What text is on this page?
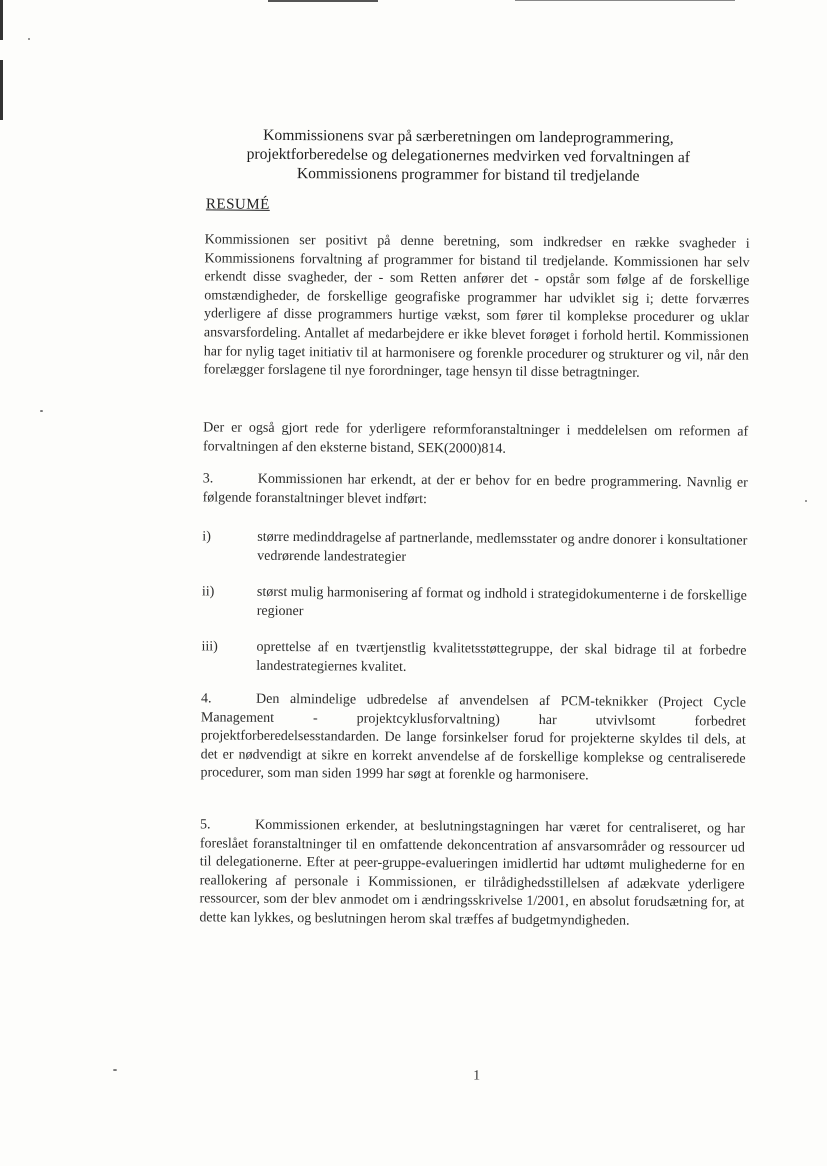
Kommissionens svar på særberetningen om landeprogrammering,
projektforberedelse og delegationernes medvirken ved forvaltningen af
Kommissionens programmer for bistand til tredjelande
RESUMÉ
Kommissionen ser positivt på denne beretning, som indkredser en række svagheder i Kommissionens forvaltning af programmer for bistand til tredjelande. Kommissionen har selv erkendt disse svagheder, der - som Retten anfører det - opstår som følge af de forskellige omstændigheder, de forskellige geografiske programmer har udviklet sig i; dette forværres yderligere af disse programmers hurtige vækst, som fører til komplekse procedurer og uklar ansvarsfordeling. Antallet af medarbejdere er ikke blevet forøget i forhold hertil. Kommissionen har for nylig taget initiativ til at harmonisere og forenkle procedurer og strukturer og vil, når den forelægger forslagene til nye forordninger, tage hensyn til disse betragtninger.
Der er også gjort rede for yderligere reformforanstaltninger i meddelelsen om reformen af forvaltningen af den eksterne bistand, SEK(2000)814.
3.	Kommissionen har erkendt, at der er behov for en bedre programmering. Navnlig er følgende foranstaltninger blevet indført:
i)	større medinddragelse af partnerlande, medlemsstater og andre donorer i konsultationer vedrørende landestrategier
ii)	størst mulig harmonisering af format og indhold i strategidokumenterne i de forskellige regioner
iii)	oprettelse af en tværtjenstlig kvalitetsstøttegruppe, der skal bidrage til at forbedre landestrategiernes kvalitet.
4.	Den almindelige udbredelse af anvendelsen af PCM-teknikker (Project Cycle Management - projektcyklusforvaltning) har utvivlsomt forbedret projektforberedelsesstandarden. De lange forsinkelser forud for projekterne skyldes til dels, at det er nødvendigt at sikre en korrekt anvendelse af de forskellige komplekse og centraliserede procedurer, som man siden 1999 har søgt at forenkle og harmonisere.
5.	Kommissionen erkender, at beslutningstagningen har været for centraliseret, og har foreslået foranstaltninger til en omfattende dekoncentration af ansvarsområder og ressourcer ud til delegationerne. Efter at peer-gruppe-evalueringen imidlertid har udtømt mulighederne for en reallokering af personale i Kommissionen, er tilrådighedsstillelsen af adækvate yderligere ressourcer, som der blev anmodet om i ændringsskrivelse 1/2001, en absolut forudsætning for, at dette kan lykkes, og beslutningen herom skal træffes af budgetmyndigheden.
1
